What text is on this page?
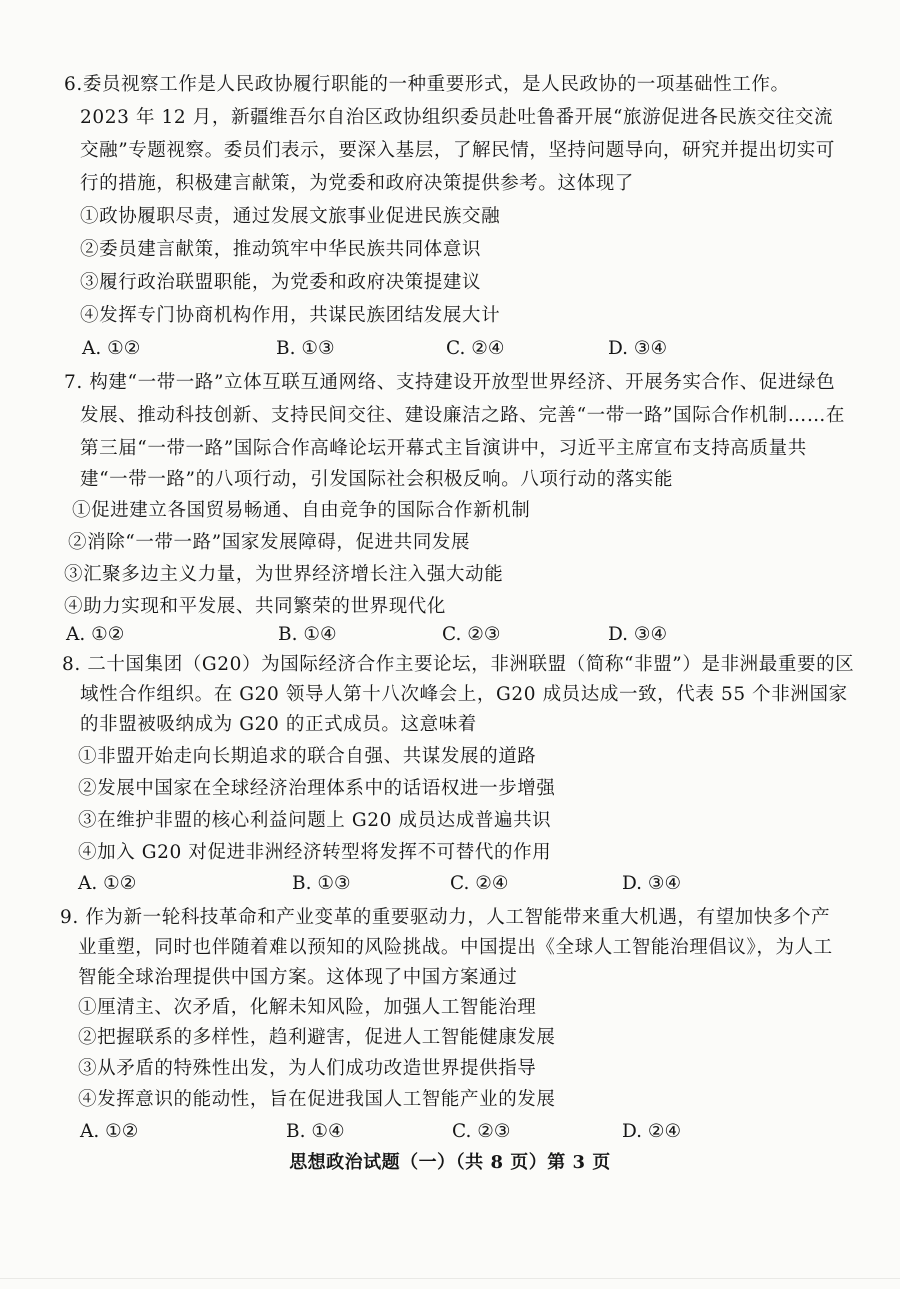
6.委员视察工作是人民政协履行职能的一种重要形式，是人民政协的一项基础性工作。
2023 年 12 月，新疆维吾尔自治区政协组织委员赴吐鲁番开展“旅游促进各民族交往交流
交融”专题视察。委员们表示，要深入基层，了解民情，坚持问题导向，研究并提出切实可
行的措施，积极建言献策，为党委和政府决策提供参考。这体现了
①政协履职尽责，通过发展文旅事业促进民族交融
②委员建言献策，推动筑牢中华民族共同体意识
③履行政治联盟职能，为党委和政府决策提建议
④发挥专门协商机构作用，共谋民族团结发展大计
A. ①②	B. ①③	C. ②④	D. ③④
7. 构建“一带一路”立体互联互通网络、支持建设开放型世界经济、开展务实合作、促进绿色
发展、推动科技创新、支持民间交往、建设廉洁之路、完善“一带一路”国际合作机制……在
第三届“一带一路”国际合作高峰论坛开幕式主旨演讲中，习近平主席宣布支持高质量共
建“一带一路”的八项行动，引发国际社会积极反响。八项行动的落实能
①促进建立各国贸易畅通、自由竞争的国际合作新机制
②消除“一带一路”国家发展障碍，促进共同发展
③汇聚多边主义力量，为世界经济增长注入强大动能
④助力实现和平发展、共同繁荣的世界现代化
A. ①②	B. ①④	C. ②③	D. ③④
8. 二十国集团（G20）为国际经济合作主要论坛，非洲联盟（简称“非盟”）是非洲最重要的区
域性合作组织。在 G20 领导人第十八次峰会上，G20 成员达成一致，代表 55 个非洲国家
的非盟被吸纳成为 G20 的正式成员。这意味着
①非盟开始走向长期追求的联合自强、共谋发展的道路
②发展中国家在全球经济治理体系中的话语权进一步增强
③在维护非盟的核心利益问题上 G20 成员达成普遍共识
④加入 G20 对促进非洲经济转型将发挥不可替代的作用
A. ①②	B. ①③	C. ②④	D. ③④
9. 作为新一轮科技革命和产业变革的重要驱动力，人工智能带来重大机遇，有望加快多个产
业重塑，同时也伴随着难以预知的风险挑战。中国提出《全球人工智能治理倡议》，为人工
智能全球治理提供中国方案。这体现了中国方案通过
①厘清主、次矛盾，化解未知风险，加强人工智能治理
②把握联系的多样性，趋利避害，促进人工智能健康发展
③从矛盾的特殊性出发，为人们成功改造世界提供指导
④发挥意识的能动性，旨在促进我国人工智能产业的发展
A. ①②	B. ①④	C. ②③	D. ②④
思想政治试题（一）（共 8 页）第 3 页
